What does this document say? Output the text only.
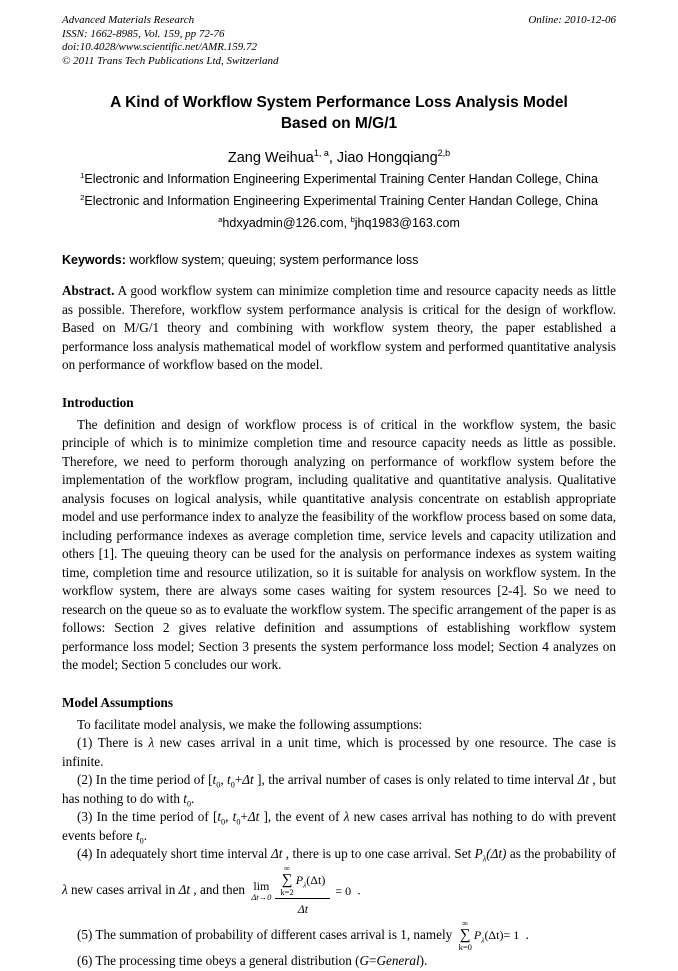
Advanced Materials Research
ISSN: 1662-8985, Vol. 159, pp 72-76
doi:10.4028/www.scientific.net/AMR.159.72
© 2011 Trans Tech Publications Ltd, Switzerland
Online: 2010-12-06
A Kind of Workflow System Performance Loss Analysis Model Based on M/G/1
Zang Weihua$^{1, a}$, Jiao Hongqiang$^{2,b}$
$^1$Electronic and Information Engineering Experimental Training Center Handan College, China
$^2$Electronic and Information Engineering Experimental Training Center Handan College, China
$^a$hdxyadmin@126.com, $^b$jhq1983@163.com

Keywords: workflow system; queuing; system performance loss

Abstract. A good workflow system can minimize completion time and resource capacity needs as little as possible. Therefore, workflow system performance analysis is critical for the design of workflow. Based on M/G/1 theory and combining with workflow system theory, the paper established a performance loss analysis mathematical model of workflow system and performed quantitative analysis on performance of workflow based on the model.

Introduction

The definition and design of workflow process is of critical in the workflow system, the basic principle of which is to minimize completion time and resource capacity needs as little as possible. Therefore, we need to perform thorough analyzing on performance of workflow system before the implementation of the workflow program, including qualitative and quantitative analysis. Qualitative analysis focuses on logical analysis, while quantitative analysis concentrate on establish appropriate model and use performance index to analyze the feasibility of the workflow process based on some data, including performance indexes as average completion time, service levels and capacity utilization and others [1]. The queuing theory can be used for the analysis on performance indexes as system waiting time, completion time and resource utilization, so it is suitable for analysis on workflow system. In the workflow system, there are always some cases waiting for system resources [2-4]. So we need to research on the queue so as to evaluate the workflow system. The specific arrangement of the paper is as follows: Section 2 gives relative definition and assumptions of establishing workflow system performance loss model; Section 3 presents the system performance loss model; Section 4 analyzes on the model; Section 5 concludes our work.

Model Assumptions

To facilitate model analysis, we make the following assumptions:

(1) There is λ new cases arrival in a unit time, which is processed by one resource. The case is infinite.

(2) In the time period of [$t_0$, $t_0+\Delta t$ ], the arrival number of cases is only related to time interval Δt , but has nothing to do with $t_0$.

(3) In the time period of [$t_0$, $t_0+\Delta t$ ], the event of λ new cases arrival has nothing to do with prevent events before $t_0$.

(4) In adequately short time interval Δt , there is up to one case arrival. Set $P_\lambda(\Delta t)$ as the probability of λ new cases arrival in Δt , and then lim
Δt→0 ∞
∑
k=2
$P_\lambda(\Delta t)$
Δt = 0 .

(5) The summation of probability of different cases arrival is 1, namely
∞
∑
k=0
$P_\lambda(\Delta t) = 1$ .

(6) The processing time obeys a general distribution (G=General).
